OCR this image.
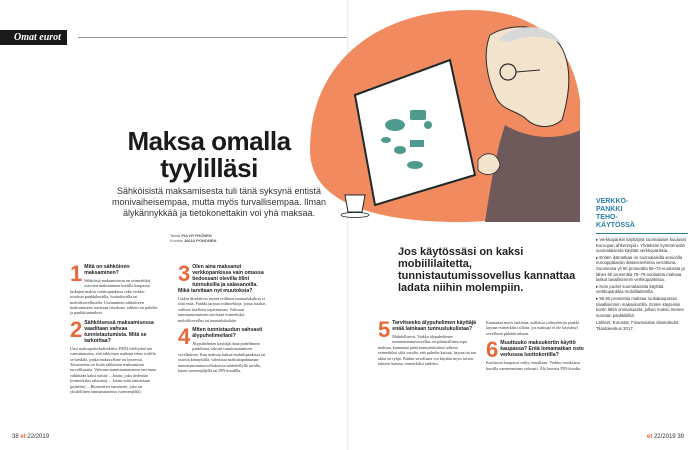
Omat eurot
Maksa omalla
tyylilläsi

Sähköisistä maksamisesta tuli tänä syksynä entistä monivaiheisempaa, mutta myös turvallisempaa. Ilman älykännykkää ja tietokonettakin voi yhä maksaa.

Teksti PIA HYYRÖNEN
Kuvitus ANJA POHONEN
1 Mitä on sähköinen maksaminen?

Sähköisiä maksamisesta on esimerkiksi ostosten maksaminen kortilla kaupassa, laskujen maksu verkkopankissa sekä verkko-ostokset pankkikortilla, luottokortilla tai mobiilisovellusella. Useimmiten sähköiseen maksamiseen tarvitaan tietokone, tabletti tai puhelin ja pankkitunnukset.

2 Sähköisessä maksamisessa vaaditaan vahvaa tunnistautumista. Mitä se tarkoittaa?

Uusi maksupalveludirektiivi PSD2 edellyttää sen varmistamista, että sähköisen maksun tekee todella se henkilö, jonka maksuväline on kyseessä. Tavoitteena on lisätä sähköisen maksamisen turvallisuutta. Vahvaan tunnistautumiseen tarvitaan vähintään kaksi näistä: – Jotain, joka tiedetään (esimerkiksi salasana). – Jotain mitä omistetaan (puhelin). – Biometriset tunnisteet, joka on yksilöllinen ominaisuutensa (sormenjälki).

3 Olen aina maksanut verkkopankissa vain omassa tiedossani olevilla tilini tunnuksilla ja salasanoilla. Mikä tarvitaan nyt muutoksia?

Uuden direktiivin myötä erillinen tunnuslukulista ei riitä enää. Pankki tarjoaa vaihtoehtoja, joista asiakas valitsee itselleen sopivimman. Vahvaan tunnistautumiseen tarvitaan esimerkiksi mobiilisovellus tai tunnuslukulaite.

4 Miten tunnistaudun vahvasti älypuhelimellani?

Älypuhelimen käyttäjä lataa puhelimeen pankkinsa vahvan tunnistautumisen sovelluksen. Kun maksaa laskua mobiilipankissa tai ostosta kännykällä, vahvistaa maksutapahtuman tunnistautumissovelluksessa määritellyllä tavalla, kuten sormenjäljellä tai PIN-koodilla.

38 et 22/2019	et 22/2019 39

Jos käytössäsi on kaksi mobiililaitetta, tunnistautumissovellus kannattaa ladata niihin molempiin.

5 Tarvitseeko älypuhelimen käyttäjä enää lainkaan tunnuslukulistaa?

Mahdollisesti. Vaikka älypuhelimen tunnistautumissovellus on pääasiallinen tapa maksaa, kannattaa pitää tunnuslukulista tallessa esimerkiksi siltä varalta, että puhelin katoaa, hajoaa tai sen akku on tyhjä. Pankin sovellusta voi käyttää myös toisen laitteen kanssa, esimerkiksi tabletin.

Kannattaa myös tarkistaa, millaisia vaihtoehtoja pankki tarjoaa esimerkiksi silloin, jos maksaja ei ole käyttänyt sovellusta pitkään aikaan.

6 Muuttuuko maksukortin käyttö kaupassa? Entä lomamatkan osto verkossa luottokortilla?

Korttiosto kaupassa säilyy ennallaan. Verkko-ostoksissa kortilla varmennetaan vahvasti. Älä luovuta PIN-koodia.

VERKKO-
PANKKI
TEHO-
KÄYTÖSSÄ

▸ Verkkopankin käyttäjinä suomalaiset kuuluvat Euroopan ahkerimpiin. Yhdeksän kymmenestä suomalaisesta käyttää verkkopankkia.

▸ Eniten ikämatkaa on suomalaisilla seniorilla eurooppalaisiin ikätovereihinsa verrattuna. Suomessa yli 80 prosenttia 65–74-vuotiaista ja lähes 60 prosenttia 75–79-vuotiaista maksaa laskut tavallisimmin verkkopankissa.

▸ Noin puolet suomalaisista käyttää verkkopankkia mobiililaitteella.

▸ 95 80 prosenttia maksaa ruokakaupassa tavallisimmin maksukortilla. Eniten käyteisiin kortin lähiä ominaisuutta, jolloin maksu menee suoraan pankkitililtä.

Lähteet: Eurostat, Finanssialan tilastotiedot, Tilastokeskus 2017.
